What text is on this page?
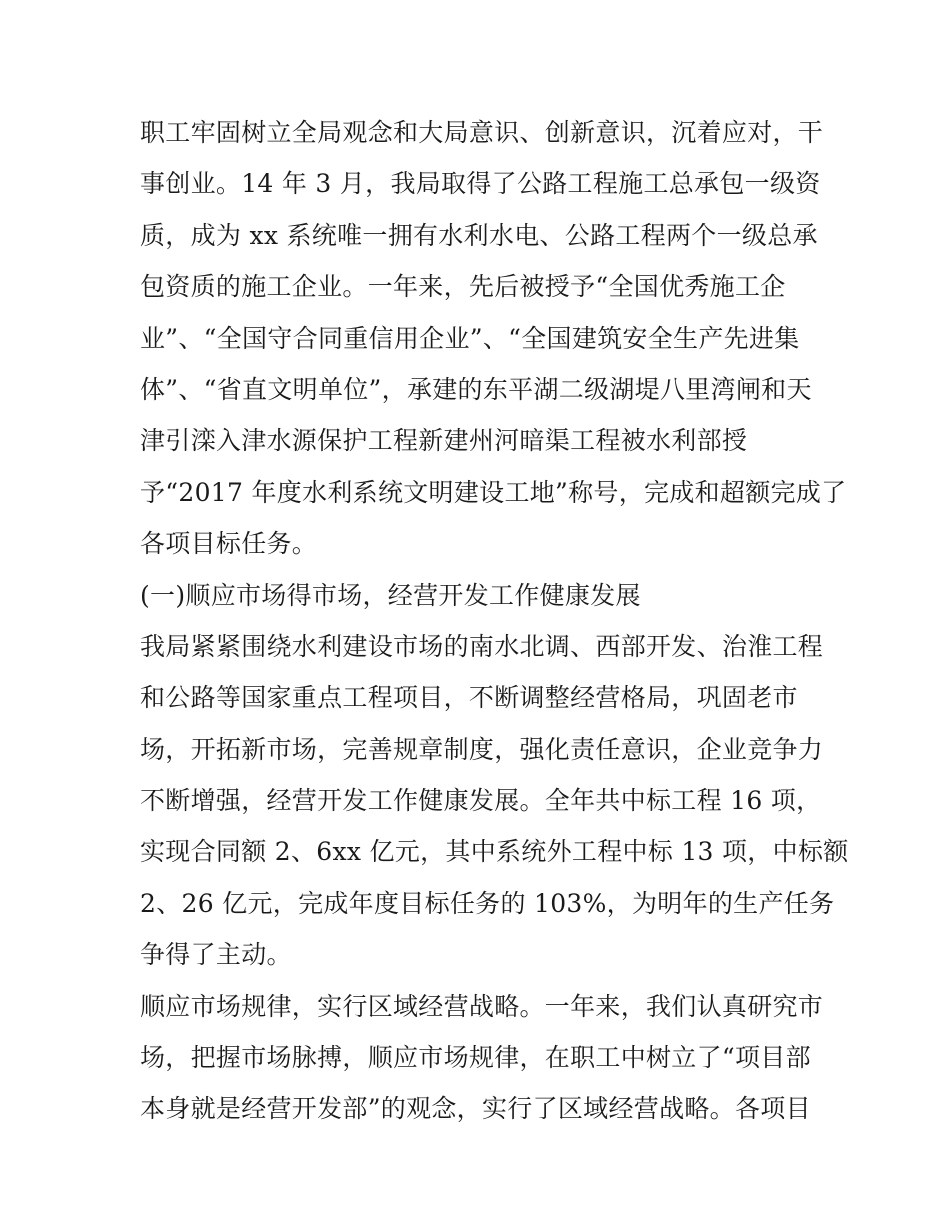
职工牢固树立全局观念和大局意识、创新意识，沉着应对，干
事创业。14 年 3 月，我局取得了公路工程施工总承包一级资
质，成为 xx 系统唯一拥有水利水电、公路工程两个一级总承
包资质的施工企业。一年来，先后被授予“全国优秀施工企
业”、“全国守合同重信用企业”、“全国建筑安全生产先进集
体”、“省直文明单位”，承建的东平湖二级湖堤八里湾闸和天
津引滦入津水源保护工程新建州河暗渠工程被水利部授
予“2017 年度水利系统文明建设工地”称号，完成和超额完成了
各项目标任务。
(一)顺应市场得市场，经营开发工作健康发展
我局紧紧围绕水利建设市场的南水北调、西部开发、治淮工程
和公路等国家重点工程项目，不断调整经营格局，巩固老市
场，开拓新市场，完善规章制度，强化责任意识，企业竞争力
不断增强，经营开发工作健康发展。全年共中标工程 16 项，
实现合同额 2、6xx 亿元，其中系统外工程中标 13 项，中标额
2、26 亿元，完成年度目标任务的 103%，为明年的生产任务
争得了主动。
顺应市场规律，实行区域经营战略。一年来，我们认真研究市
场，把握市场脉搏，顺应市场规律，在职工中树立了“项目部
本身就是经营开发部”的观念，实行了区域经营战略。各项目
